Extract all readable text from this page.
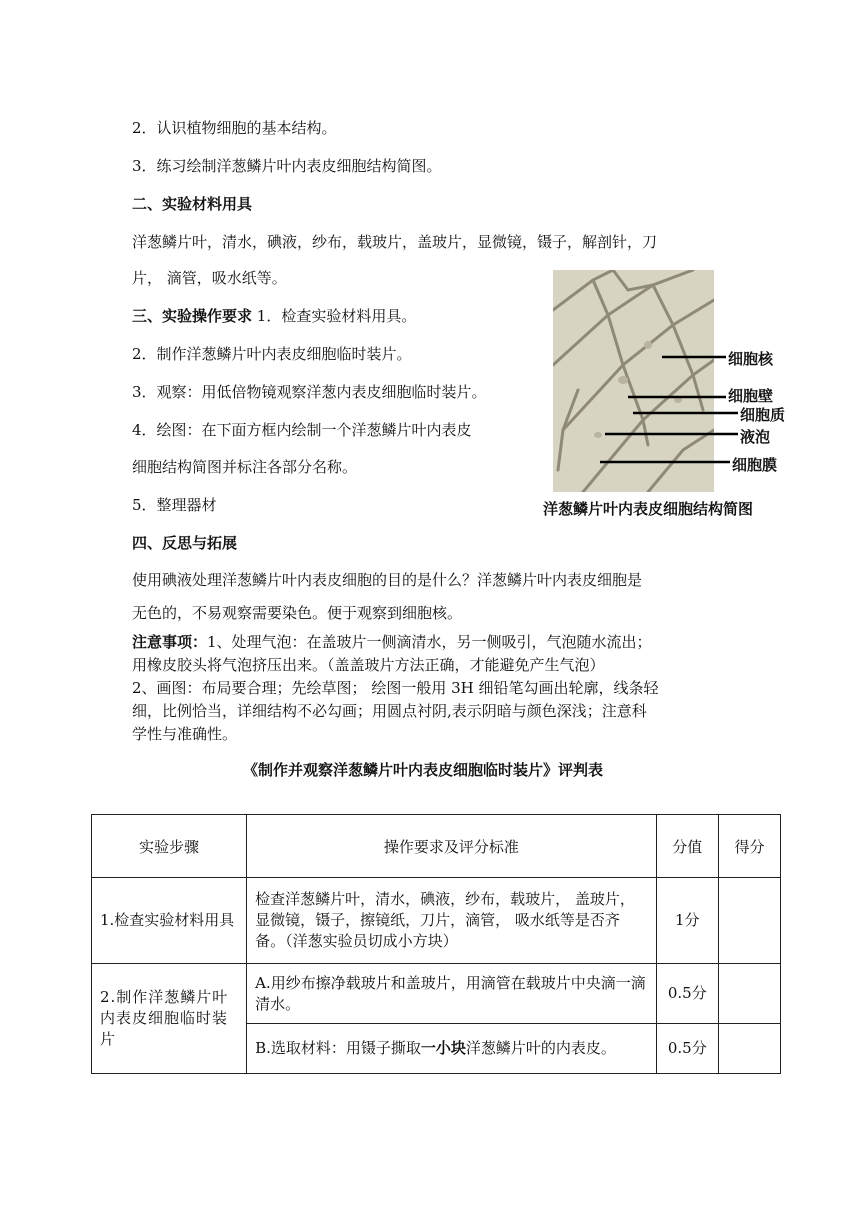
2．认识植物细胞的基本结构。
3．练习绘制洋葱鳞片叶内表皮细胞结构简图。
二、实验材料用具
洋葱鳞片叶，清水，碘液，纱布，载玻片，盖玻片，显微镜，镊子，解剖针，刀
片， 滴管，吸水纸等。
三、实验操作要求 1．检查实验材料用具。
2．制作洋葱鳞片叶内表皮细胞临时装片。
3．观察：用低倍物镜观察洋葱内表皮细胞临时装片。
4．绘图：在下面方框内绘制一个洋葱鳞片叶内表皮
细胞结构简图并标注各部分名称。
5．整理器材
细胞核
细胞壁
细胞质
液泡
细胞膜
洋葱鳞片叶内表皮细胞结构简图
四、反思与拓展
使用碘液处理洋葱鳞片叶内表皮细胞的目的是什么？洋葱鳞片叶内表皮细胞是
无色的，不易观察需要染色。便于观察到细胞核。
注意事项：1、处理气泡：在盖玻片一侧滴清水，另一侧吸引，气泡随水流出；
用橡皮胶头将气泡挤压出来。（盖盖玻片方法正确，才能避免产生气泡）
2、画图：布局要合理；先绘草图； 绘图一般用 3H 细铅笔勾画出轮廓，线条轻
细，比例恰当，详细结构不必勾画；用圆点衬阴,表示阴暗与颜色深浅；注意科
学性与准确性。
《制作并观察洋葱鳞片叶内表皮细胞临时装片》评判表
实验步骤	操作要求及评分标准	分值	得分
1.检查实验材料用具	检查洋葱鳞片叶，清水，碘液，纱布，载玻片， 盖玻片，显微镜，镊子，擦镜纸，刀片，滴管， 吸水纸等是否齐备。（洋葱实验员切成小方块）	1分	
2.制作洋葱鳞片叶内表皮细胞临时装片	A.用纱布擦净载玻片和盖玻片，用滴管在载玻片中央滴一滴清水。	0.5分	
	B.选取材料：用镊子撕取一小块洋葱鳞片叶的内表皮。	0.5分	
